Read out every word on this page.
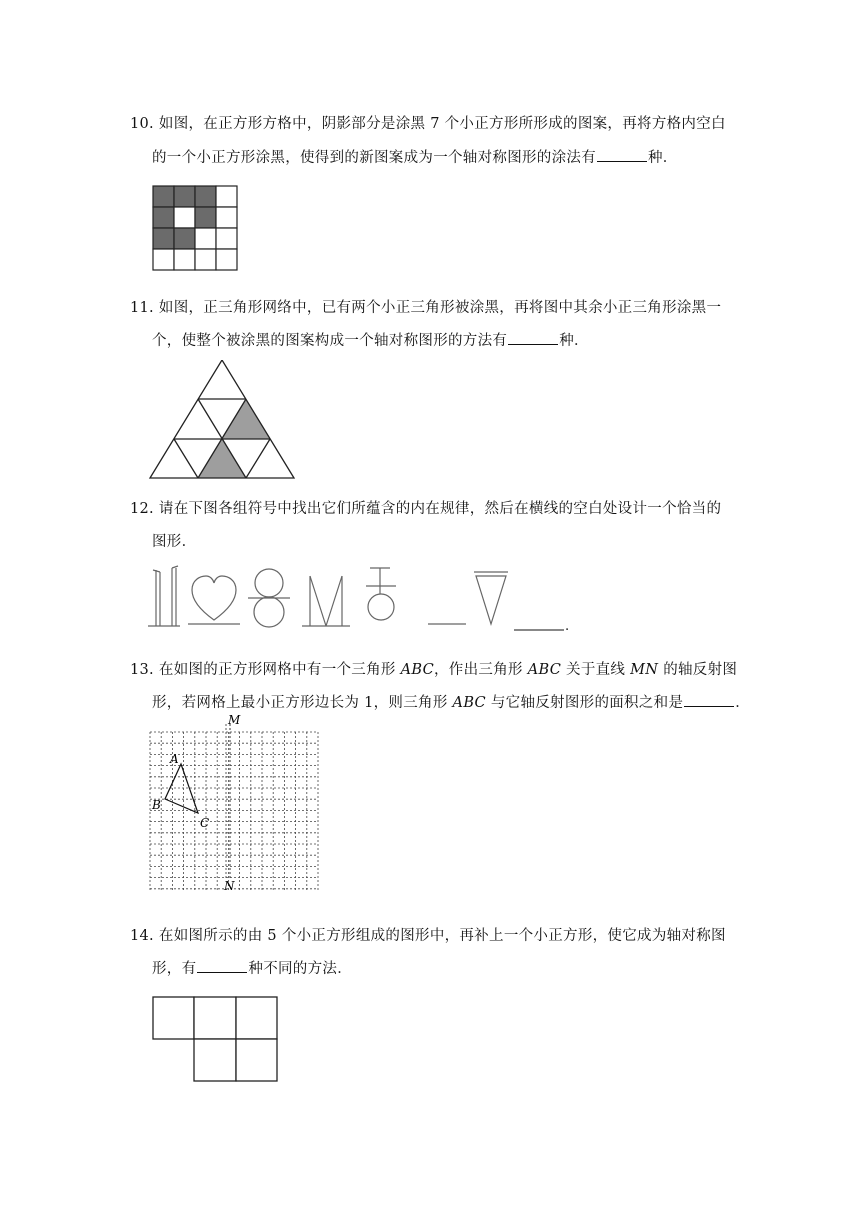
10. 如图，在正方形方格中，阴影部分是涂黑 7 个小正方形所形成的图案，再将方格内空白
的一个小正方形涂黑，使得到的新图案成为一个轴对称图形的涂法有	种．
11. 如图，正三角形网络中，已有两个小正三角形被涂黑，再将图中其余小正三角形涂黑一
个，使整个被涂黑的图案构成一个轴对称图形的方法有	种．
12. 请在下图各组符号中找出它们所蕴含的内在规律，然后在横线的空白处设计一个恰当的
图形．
.
13. 在如图的正方形网格中有一个三角形 ABC，作出三角形 ABC 关于直线 MN 的轴反射图
形，若网格上最小正方形边长为 1，则三角形 ABC 与它轴反射图形的面积之和是	．
M
N
A
B
C
14. 在如图所示的由 5 个小正方形组成的图形中，再补上一个小正方形，使它成为轴对称图
形，有	种不同的方法．
